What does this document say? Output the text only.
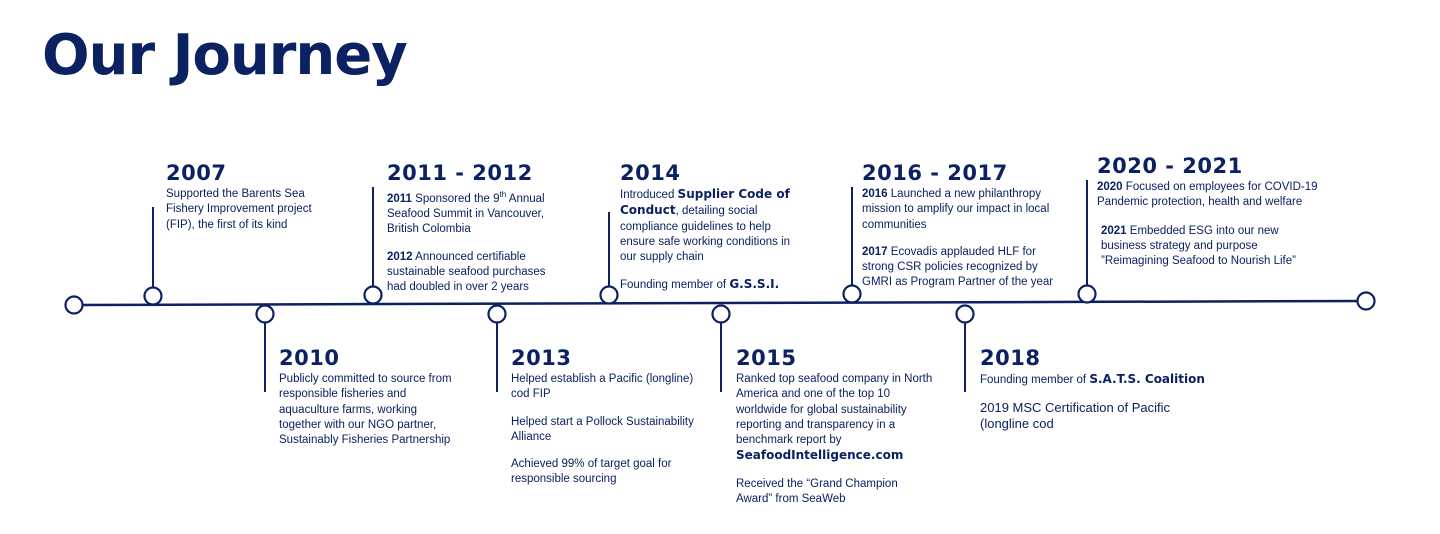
Our Journey
2007

Supported the Barents Sea Fishery Improvement project (FIP), the first of its kind

2010

Publicly committed to source from responsible fisheries and aquaculture farms, working together with our NGO partner, Sustainably Fisheries Partnership

2011 - 2012

2011 Sponsored the 9th Annual Seafood Summit in Vancouver, British Colombia

2012 Announced certifiable sustainable seafood purchases had doubled in over 2 years

2013

Helped establish a Pacific (longline) cod FIP

Helped start a Pollock Sustainability Alliance

Achieved 99% of target goal for responsible sourcing

2014

Introduced Supplier Code of Conduct, detailing social compliance guidelines to help ensure safe working conditions in our supply chain

Founding member of G.S.S.I.

2015

Ranked top seafood company in North America and one of the top 10 worldwide for global sustainability reporting and transparency in a benchmark report by
SeafoodIntelligence.com

Received the “Grand Champion Award” from SeaWeb

2016 - 2017

2016 Launched a new philanthropy mission to amplify our impact in local communities

2017 Ecovadis applauded HLF for strong CSR policies recognized by GMRI as Program Partner of the year

2018

Founding member of S.A.T.S. Coalition

2019 MSC Certification of Pacific (longline cod

2020 - 2021

2020 Focused on employees for COVID-19 Pandemic protection, health and welfare

2021 Embedded ESG into our new business strategy and purpose ”Reimagining Seafood to Nourish Life”
